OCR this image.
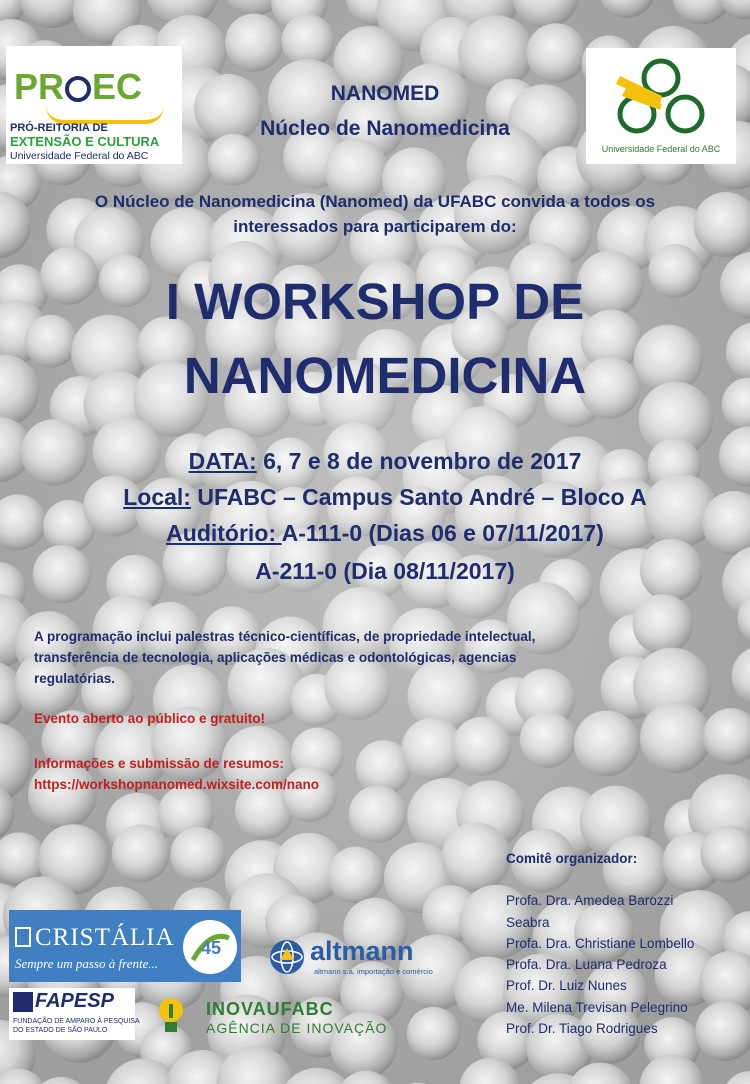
PR EC
PRÓ-REITORIA DE
EXTENSÃO E CULTURA
Universidade Federal do ABC
Universidade Federal do ABC
NANOMED
Núcleo de Nanomedicina
O Núcleo de Nanomedicina (Nanomed) da UFABC convida a todos os
interessados para participarem do:
I WORKSHOP DE
NANOMEDICINA
DATA: 6, 7 e 8 de novembro de 2017
Local: UFABC – Campus Santo André – Bloco A
Auditório: A-111-0 (Dias 06 e 07/11/2017)
A-211-0 (Dia 08/11/2017)
A programação inclui palestras técnico-científicas, de propriedade intelectual,
transferência de tecnologia, aplicações médicas e odontológicas, agencias
regulatórias.
Evento aberto ao público e gratuito!
Informações e submissão de resumos:
https://workshopnanomed.wixsite.com/nano
Comitê organizador:
Profa. Dra. Amedea Barozzi
Seabra
Profa. Dra. Christiane Lombello
Profa. Dra. Luana Pedroza
Prof. Dr. Luiz Nunes
Me. Milena Trevisan Pelegrino
Prof. Dr. Tiago Rodrigues
CRISTÁLIA
Sempre um passo à frente...
45	altmann
altmann s.a. importação e comércio
FAPESP
FUNDAÇÃO DE AMPARO À PESQUISA
DO ESTADO DE SÃO PAULO
INOVAUFABC
AGÊNCIA DE INOVAÇÃO
